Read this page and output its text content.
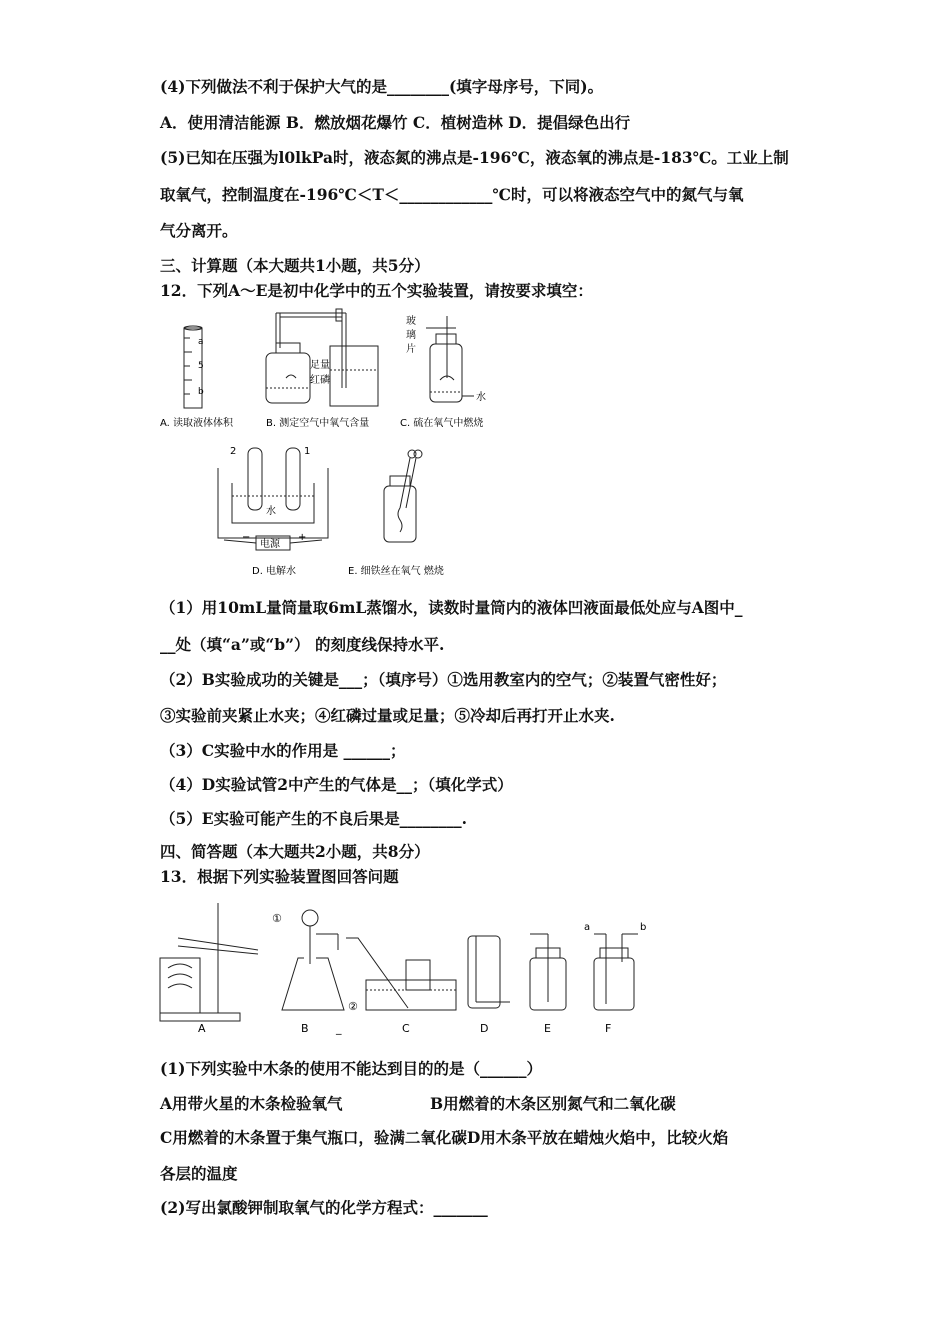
(4)下列做法不利于保护大气的是________(填字母序号，下同)。
A．使用清洁能源 B．燃放烟花爆竹 C．植树造林 D．提倡绿色出行
(5)已知在压强为l0lkPa时，液态氮的沸点是-196℃，液态氧的沸点是-183℃。工业上制
取氧气，控制温度在-196℃＜T＜____________℃时，可以将液态空气中的氮气与氧
气分离开。
三、计算题（本大题共1小题，共5分）
12．下列A～E是初中化学中的五个实验装置，请按要求填空：
a
5
b
足量
红磷
玻
璃
片
水
A. 读取液体体积	B. 测定空气中氧气含量	C. 硫在氧气中燃烧
2	1
水
−	+
电源
D. 电解水	E. 细铁丝在氧气 燃烧
（1）用10mL量筒量取6mL蒸馏水，读数时量筒内的液体凹液面最低处应与A图中_
__处（填“a”或“b”） 的刻度线保持水平.
（2）B实验成功的关键是___；（填序号）①选用教室内的空气；②装置气密性好；
③实验前夹紧止水夹；④红磷过量或足量；⑤冷却后再打开止水夹.
（3）C实验中水的作用是 ______；
（4）D实验试管2中产生的气体是__；（填化学式）
（5）E实验可能产生的不良后果是________.
四、简答题（本大题共2小题，共8分）
13．根据下列实验装置图回答问题
①
②
a	b
A	B _	C	D	E	F
(1)下列实验中木条的使用不能达到目的的是（______）
A用带火星的木条检验氧气	B用燃着的木条区别氮气和二氧化碳
C用燃着的木条置于集气瓶口，验满二氧化碳D用木条平放在蜡烛火焰中，比较火焰
各层的温度
(2)写出氯酸钾制取氧气的化学方程式：_______
